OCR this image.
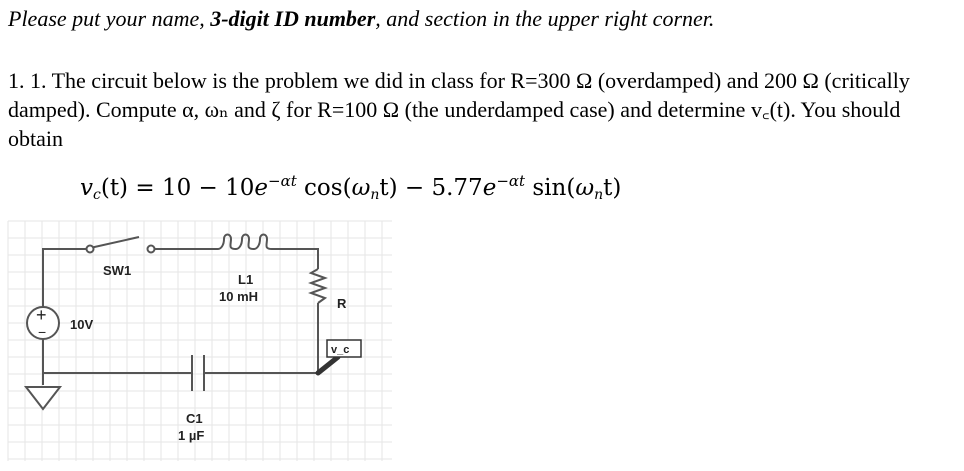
Please put your name, 3-digit ID number, and section in the upper right corner.
1. 1. The circuit below is the problem we did in class for R=300 Ω (overdamped) and 200 Ω (critically damped). Compute α, ωₙ and ζ for R=100 Ω (the underdamped case) and determine v꜀(t). You should obtain
$v_c(t) = 10 - 10e^{-\alpha t}$ $\cos(\omega_nt) - 5.77e^{-\alpha t}$ $\sin(\omega_nt)$
SW1
L1
10 mH	R
+
− 10V
C1
1 µF
v_c
